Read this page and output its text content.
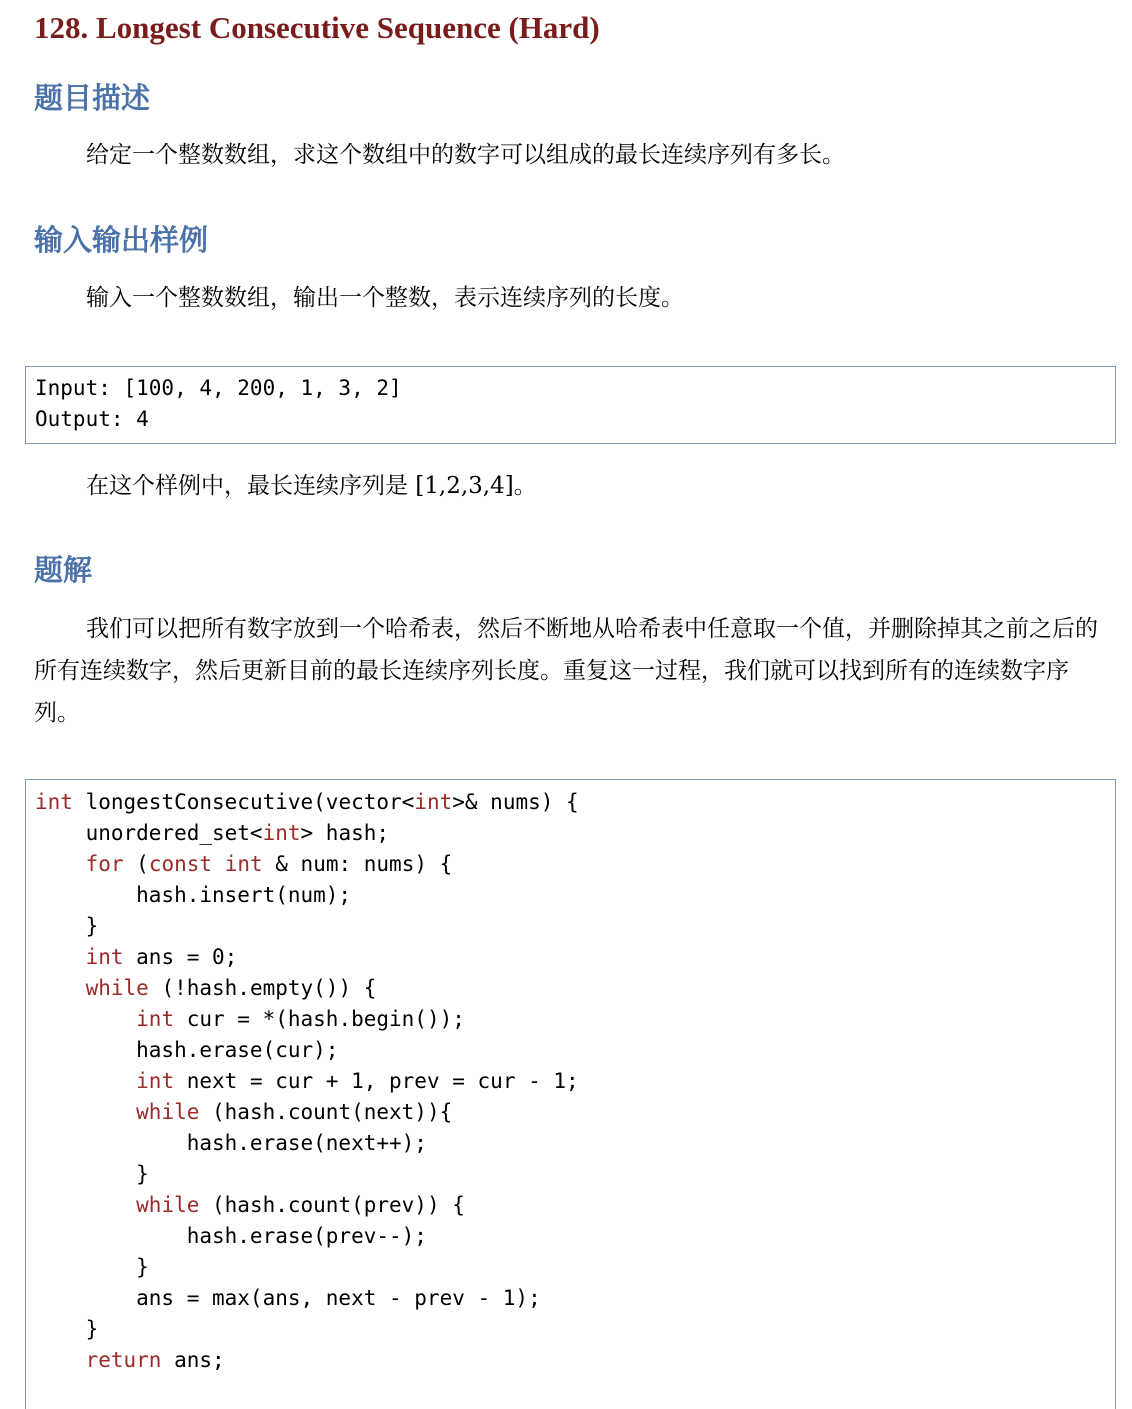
128. Longest Consecutive Sequence (Hard)
题目描述
给定一个整数数组，求这个数组中的数字可以组成的最长连续序列有多长。
输入输出样例
输入一个整数数组，输出一个整数，表示连续序列的长度。
Input: [100, 4, 200, 1, 3, 2]
Output: 4
在这个样例中，最长连续序列是 [1,2,3,4]。
题解
我们可以把所有数字放到一个哈希表，然后不断地从哈希表中任意取一个值，并删除掉其之前之后的所有连续数字，然后更新目前的最长连续序列长度。重复这一过程，我们就可以找到所有的连续数字序列。
int longestConsecutive(vector<int>& nums) {
unordered_set<int> hash;
for (const int & num: nums) {
hash.insert(num);
}
int ans = 0;
while (!hash.empty()) {
int cur = *(hash.begin());
hash.erase(cur);
int next = cur + 1, prev = cur - 1;
while (hash.count(next)){
hash.erase(next++);
}
while (hash.count(prev)) {
hash.erase(prev--);
}
ans = max(ans, next - prev - 1);
}
return ans;
